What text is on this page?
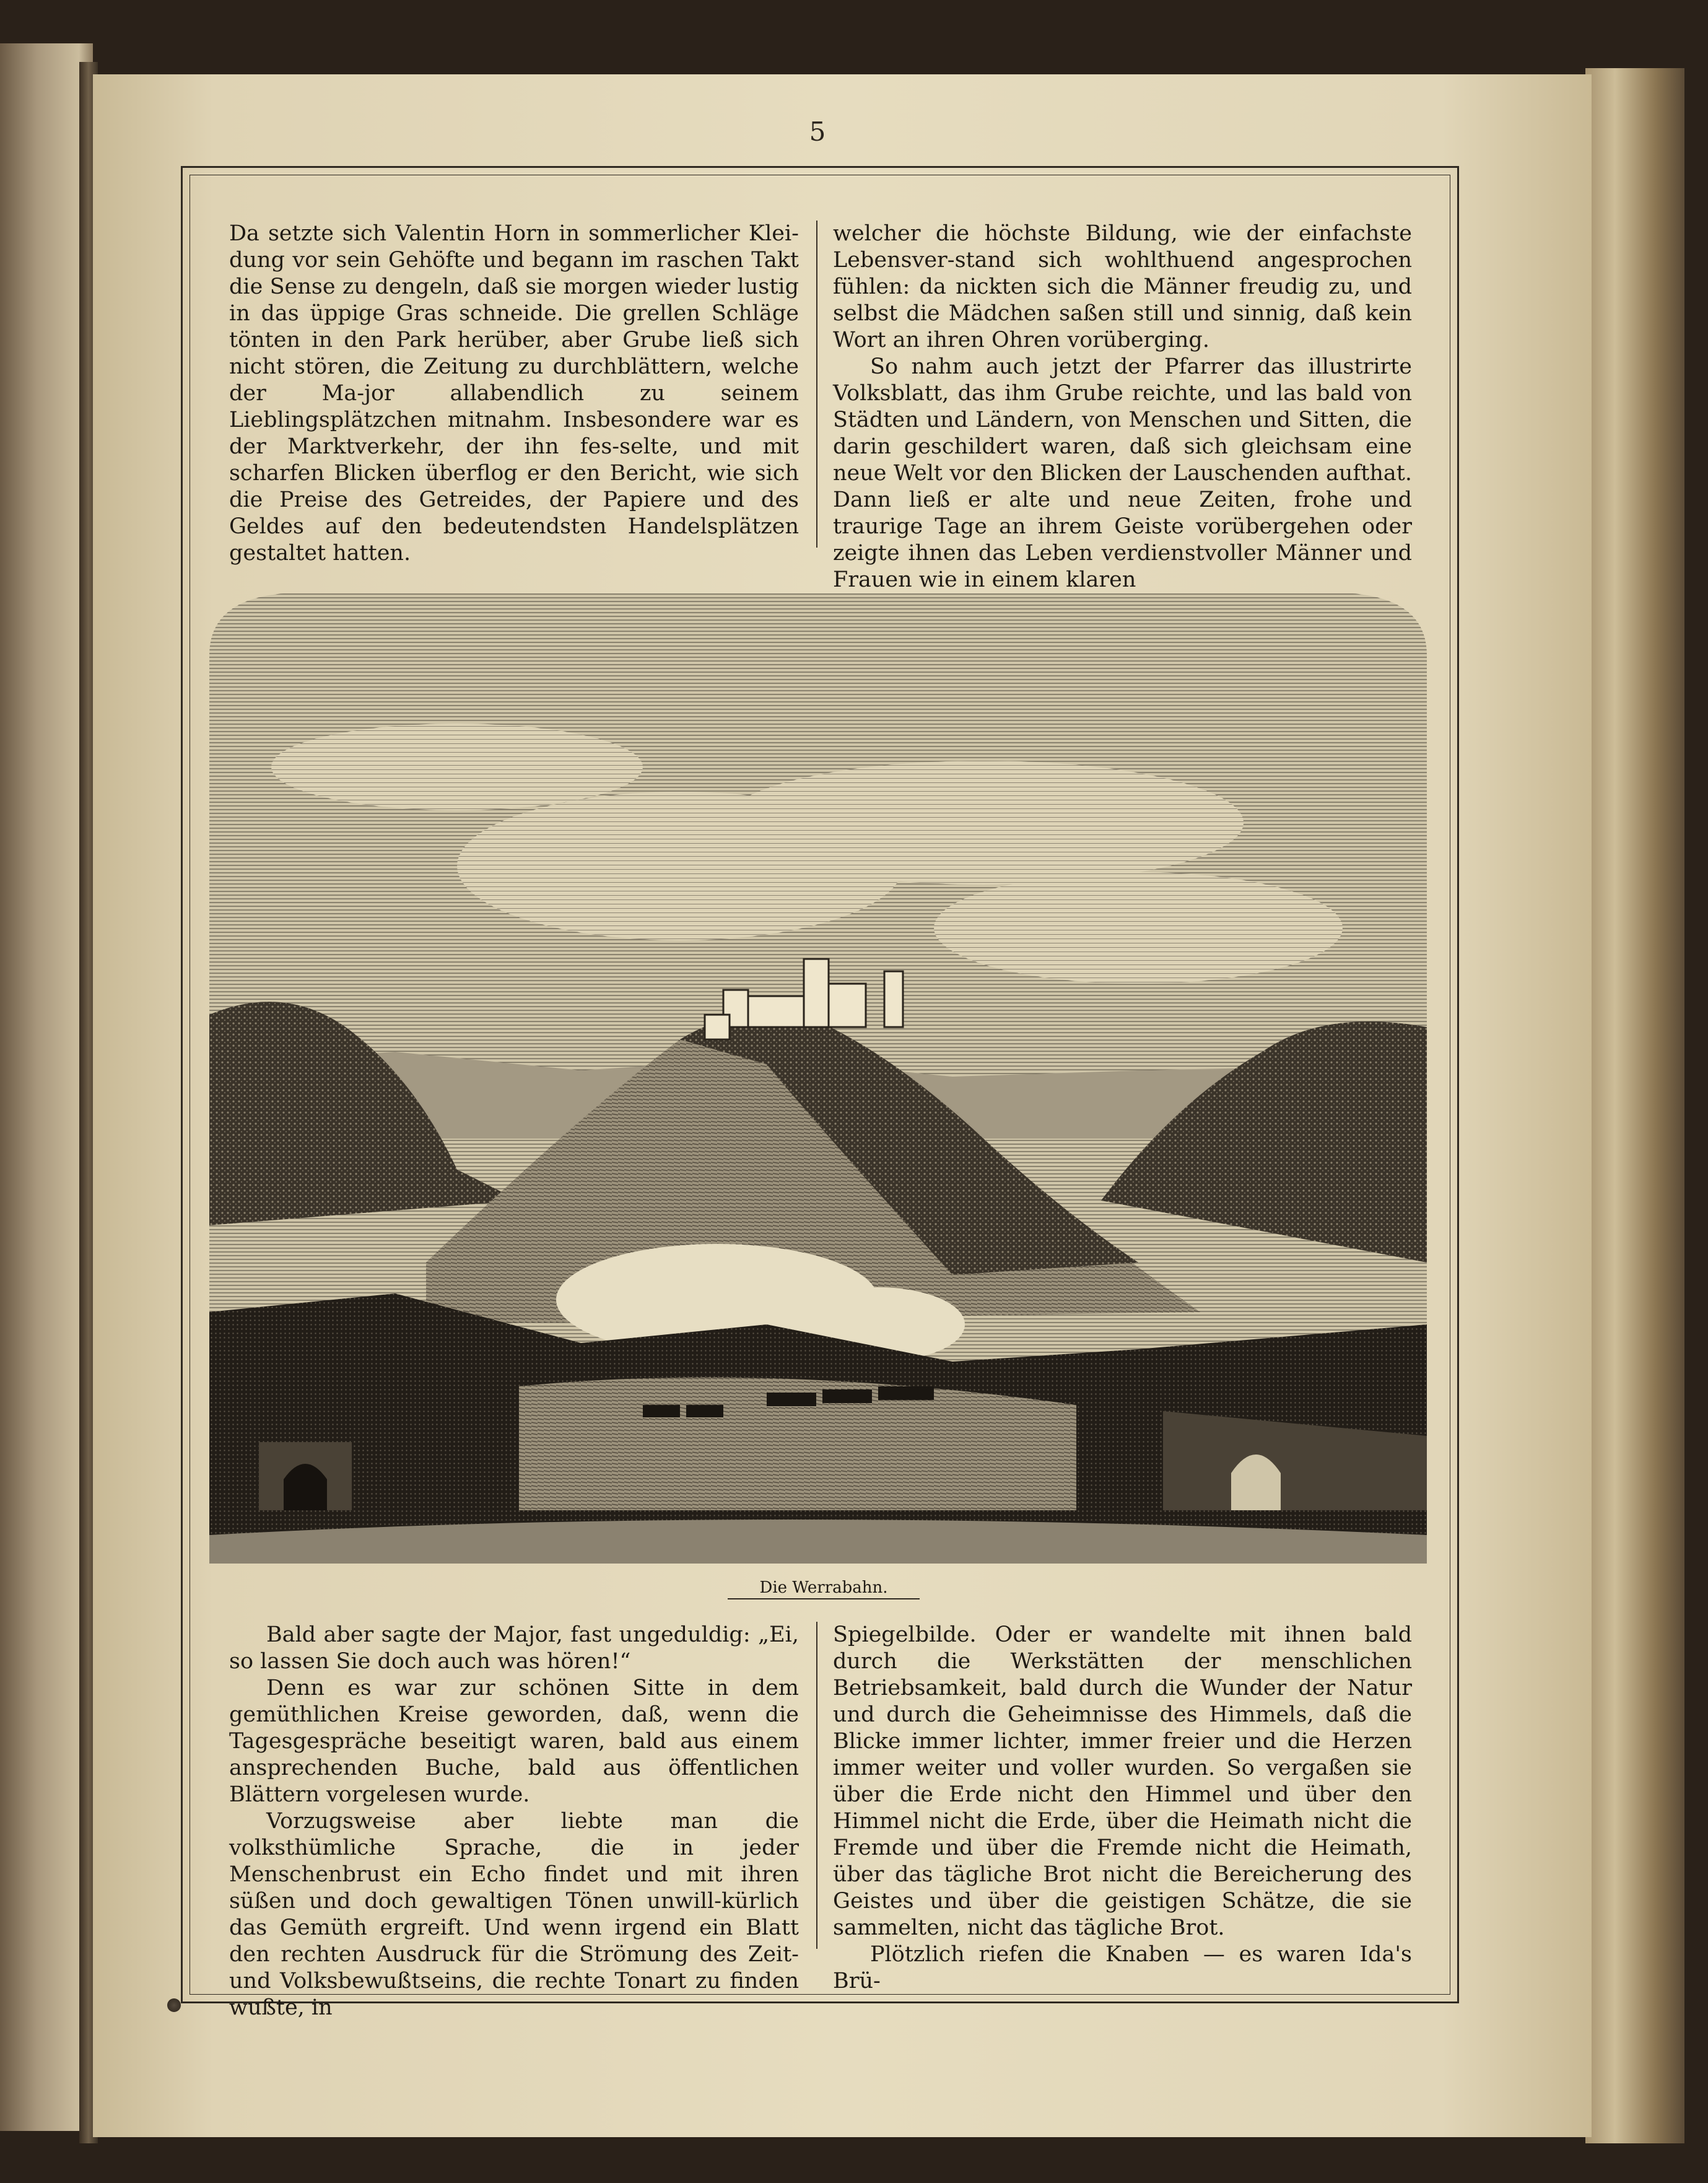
5

Da setzte sich Valentin Horn in sommerlicher Klei-dung vor sein Gehöfte und begann im raschen Takt die Sense zu dengeln, daß sie morgen wieder lustig in das üppige Gras schneide. Die grellen Schläge tönten in den Park herüber, aber Grube ließ sich nicht stören, die Zeitung zu durchblättern, welche der Ma-jor allabendlich zu seinem Lieblingsplätzchen mitnahm. Insbesondere war es der Marktverkehr, der ihn fes-selte, und mit scharfen Blicken überflog er den Bericht, wie sich die Preise des Getreides, der Papiere und des Geldes auf den bedeutendsten Handelsplätzen gestaltet hatten.

welcher die höchste Bildung, wie der einfachste Lebensver-stand sich wohlthuend angesprochen fühlen: da nickten sich die Männer freudig zu, und selbst die Mädchen saßen still und sinnig, daß kein Wort an ihren Ohren vorüberging.

So nahm auch jetzt der Pfarrer das illustrirte Volksblatt, das ihm Grube reichte, und las bald von Städten und Ländern, von Menschen und Sitten, die darin geschildert waren, daß sich gleichsam eine neue Welt vor den Blicken der Lauschenden aufthat. Dann ließ er alte und neue Zeiten, frohe und traurige Tage an ihrem Geiste vorübergehen oder zeigte ihnen das Leben verdienstvoller Männer und Frauen wie in einem klaren

Die Werrabahn.

Bald aber sagte der Major, fast ungeduldig: „Ei, so lassen Sie doch auch was hören!“

Denn es war zur schönen Sitte in dem gemüthlichen Kreise geworden, daß, wenn die Tagesgespräche beseitigt waren, bald aus einem ansprechenden Buche, bald aus öffentlichen Blättern vorgelesen wurde.

Vorzugsweise aber liebte man die volksthümliche Sprache, die in jeder Menschenbrust ein Echo findet und mit ihren süßen und doch gewaltigen Tönen unwill-kürlich das Gemüth ergreift. Und wenn irgend ein Blatt den rechten Ausdruck für die Strömung des Zeit- und Volksbewußtseins, die rechte Tonart zu finden wußte, in

Spiegelbilde. Oder er wandelte mit ihnen bald durch die Werkstätten der menschlichen Betriebsamkeit, bald durch die Wunder der Natur und durch die Geheimnisse des Himmels, daß die Blicke immer lichter, immer freier und die Herzen immer weiter und voller wurden. So vergaßen sie über die Erde nicht den Himmel und über den Himmel nicht die Erde, über die Heimath nicht die Fremde und über die Fremde nicht die Heimath, über das tägliche Brot nicht die Bereicherung des Geistes und über die geistigen Schätze, die sie sammelten, nicht das tägliche Brot.

Plötzlich riefen die Knaben — es waren Ida's Brü-
